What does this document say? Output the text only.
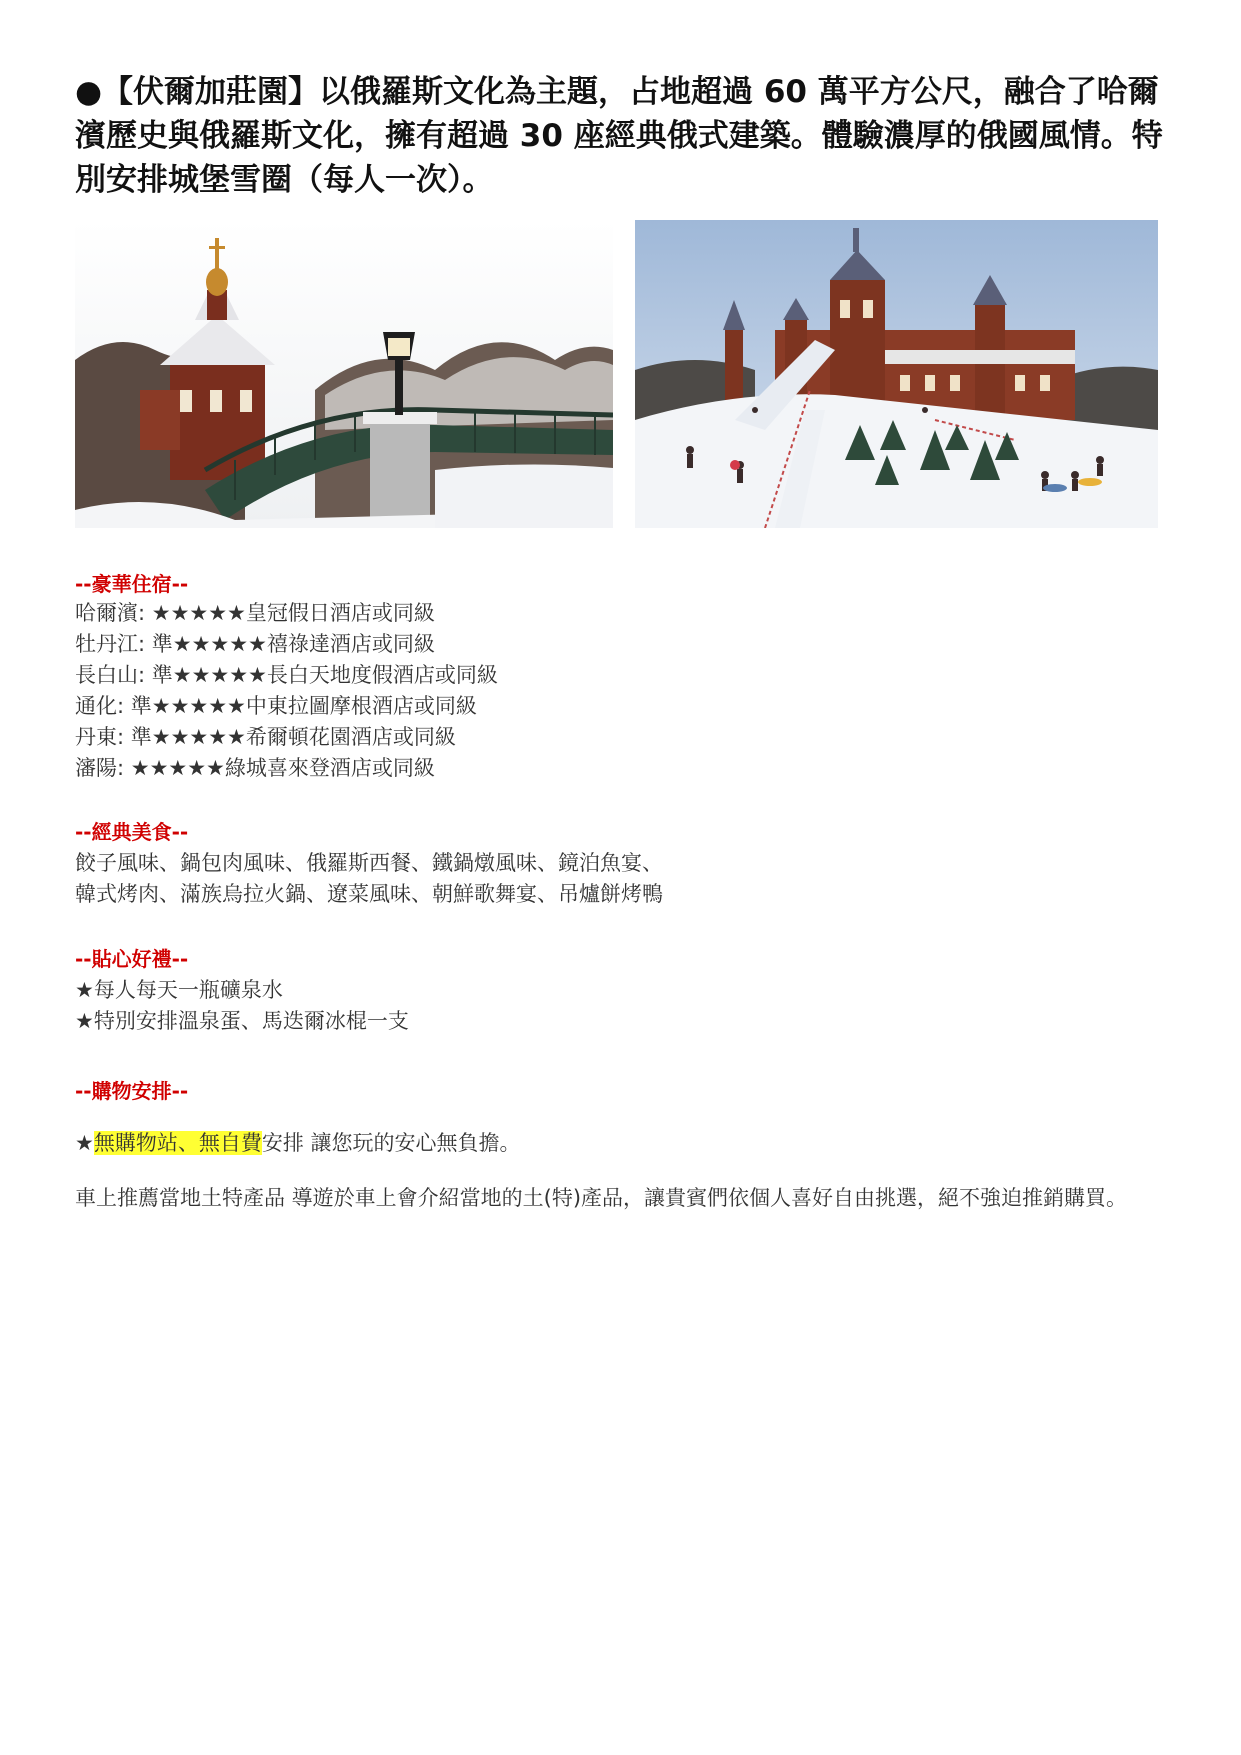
●【伏爾加莊園】以俄羅斯文化為主題，占地超過 60 萬平方公尺，融合了哈爾濱歷史與俄羅斯文化，擁有超過 30 座經典俄式建築。體驗濃厚的俄國風情。特別安排城堡雪圈（每人一次）。

--豪華住宿--
哈爾濱: ★★★★★皇冠假日酒店或同級
牡丹江: 準★★★★★禧祿達酒店或同級
長白山: 準★★★★★長白天地度假酒店或同級
通化: 準★★★★★中東拉圖摩根酒店或同級
丹東: 準★★★★★希爾頓花園酒店或同級
瀋陽: ★★★★★綠城喜來登酒店或同級
--經典美食--
餃子風味、鍋包肉風味、俄羅斯西餐、鐵鍋燉風味、鏡泊魚宴、
韓式烤肉、滿族烏拉火鍋、遼菜風味、朝鮮歌舞宴、吊爐餅烤鴨
--貼心好禮--
★每人每天一瓶礦泉水
★特別安排溫泉蛋、馬迭爾冰棍一支
--購物安排--
★無購物站、無自費安排 讓您玩的安心無負擔。
車上推薦當地土特產品 導遊於車上會介紹當地的土(特)產品，讓貴賓們依個人喜好自由挑選，絕不強迫推銷購買。
